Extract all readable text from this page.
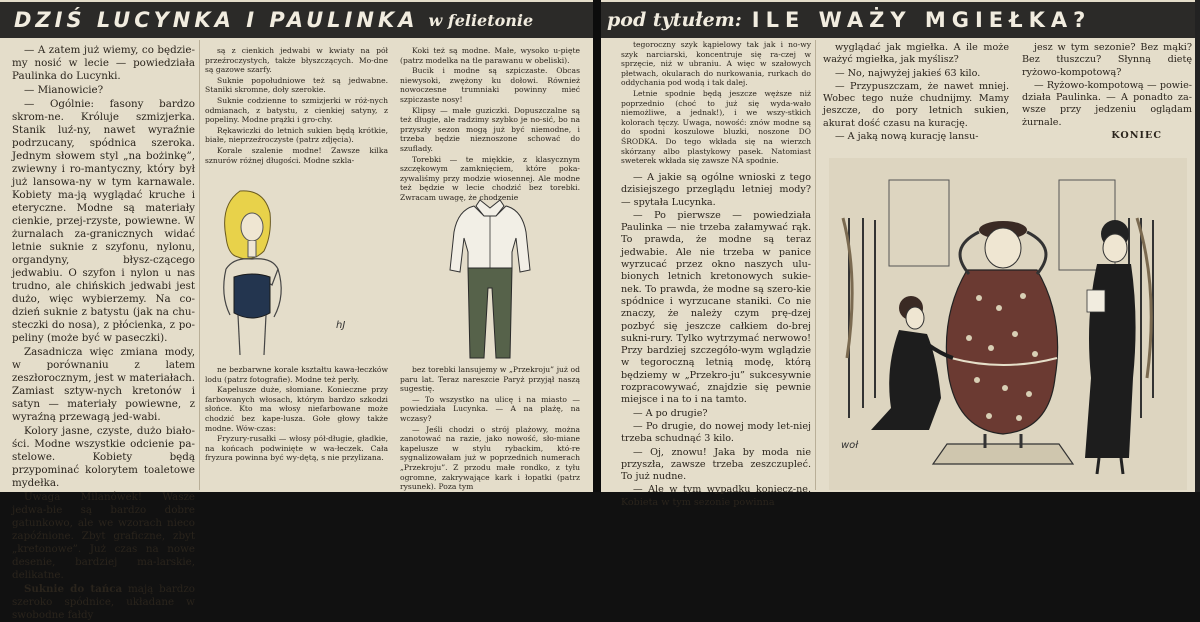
DZIŚ LUCYNKA I PAULINKA w felietonie

— A zatem już wiemy, co będzie-my nosić w lecie — powiedziała Paulinka do Lucynki.

— Mianowicie?

— Ogólnie: fasony bardzo skrom-ne. Króluje szmizjerka. Stanik luź-ny, nawet wyraźnie podrzucany, spódnica szeroka. Jednym słowem styl „na bożinkę”, zwiewny i ro-mantyczny, który był już lansowa-ny w tym karnawale. Kobiety ma-ją wyglądać kruche i eteryczne. Modne są materiały cienkie, przej-rzyste, powiewne. W żurnalach za-granicznych widać letnie suknie z szyfonu, nylonu, organdyny, błysz-czącego jedwabiu. O szyfon i nylon u nas trudno, ale chińskich jedwabi jest dużo, więc wybierzemy. Na co-dzień suknie z batystu (jak na chu-steczki do nosa), z płócienka, z po-peliny (może być w paseczki).

Zasadnicza więc zmiana mody, w porównaniu z latem zeszłorocznym, jest w materiałach. Zamiast sztyw-nych kretonów i satyn — materiały powiewne, z wyraźną przewagą jed-wabi.

Kolory jasne, czyste, dużo biało-ści. Modne wszystkie odcienie pa-stelowe. Kobiety będą przypominać kolorytem toaletowe mydełka.

Uwaga Milanówek! Wasze jedwa-bie są bardzo dobre gatunkowo, ale we wzorach nieco zapóźnione. Zbyt graficzne, zbyt „kretonowe”. Już czas na nowe desenie, bardziej ma-larskie, delikatne.

Suknie do tańca mają bardzo szeroko spódnice, układane w swobodne fałdy

są z cienkich jedwabi w kwiaty na pół przeźroczystych, także błyszczących. Mo-dne są gazowe szarfy.

Suknie popołudniowe też są jedwabne. Staniki skromne, doły szerokie.

Suknie codzienne to szmizjerki w róż-nych odmianach, z batystu, z cienkiej satyny, z popeliny. Modne prążki i gro-chy.

Rękawiczki do letnich sukien będą krótkie, białe, nieprzeźroczyste (patrz zdjęcia).

Korale szalenie modne! Zawsze kilka sznurów różnej długości. Modne szkla-

Koki też są modne. Małe, wysoko u-pięte (patrz modelka na tle parawanu w obeliski).

Bucik i modne są szpiczaste. Obcas niewysoki, zwężony ku dołowi. Również nowoczesne trumniaki powinny mieć szpiczaste nosy!

Klipsy — małe guziczki. Dopuszczalne są też długie, ale radzimy szybko je no-sić, bo na przyszły sezon mogą już być niemodne, i trzeba będzie nieznoszone schować do szuflady.

Torebki — te miękkie, z klasycznym szczękowym zamknięciem, które poka-zywaliśmy przy modzie wiosennej. Ale modne też będzie w lecie chodzić bez torebki. Zwracam uwagę, że chodzenie

hJ

ne bezbarwne korale kształtu kawa-łeczków lodu (patrz fotografie). Modne też perły.

Kapelusze duże, słomiane. Konieczne przy farbowanych włosach, którym bardzo szkodzi słońce. Kto ma włosy niefarbowane może chodzić bez kape-lusza. Gołe głowy także modne. Wów-czas:

Fryzury-rusałki — włosy pół-długie, gładkie, na końcach podwinięte w wa-łeczek. Cała fryzura powinna być wy-dętą, s nie przylizana.

bez torebki lansujemy w „Przekroju” już od paru lat. Teraz nareszcie Paryż przyjął naszą sugestię.

— To wszystko na ulicę i na miasto — powiedziała Lucynka. — A na plażę, na wczasy?

— Jeśli chodzi o strój plażowy, można zanotować na razie, jako nowość, sło-miane kapelusze w stylu rybackim, któ-re sygnalizowałam już w poprzednich numerach „Przekroju”. Z przodu małe rondko, z tyłu ogromne, zakrywające kark i łopatki (patrz rysunek). Poza tym

pod tytułem: ILE WAŻY MGIEŁKA?

tegoroczny szyk kąpielowy tak jak i no-wy szyk narciarski, koncentruje się ra-czej w sprzęcie, niż w ubraniu. A więc w szałowych płetwach, okularach do nurkowania, rurkach do oddychania pod wodą i tak dalej.

Letnie spodnie będą jeszcze węższe niż poprzednio (choć to już się wyda-wało niemożliwe, a jednak!), i we wszy-stkich kolorach tęczy. Uwaga, nowość: znów modne są do spodni koszulowe bluzki, noszone DO ŚRODKA. Do tego wkłada się na wierzch skórzany albo plastykowy pasek. Natomiast sweterek wkłada się zawsze NA spodnie.

— A jakie są ogólne wnioski z tego dzisiejszego przeglądu letniej mody? — spytała Lucynka.

— Po pierwsze — powiedziała Paulinka — nie trzeba załamywać rąk. To prawda, że modne są teraz jedwabie. Ale nie trzeba w panice wyrzucać przez okno naszych ulu-bionych letnich kretonowych sukie-nek. To prawda, że modne są szero-kie spódnice i wyrzucane staniki. Co nie znaczy, że należy czym prę-dzej pozbyć się jeszcze całkiem do-brej sukni-rury. Tylko wytrzymać nerwowo! Przy bardziej szczegóło-wym wglądzie w tegoroczną letnią modę, którą będziemy w „Przekro-ju” sukcesywnie rozpracowywać, znajdzie się pewnie miejsce i na to i na tamto.

— A po drugie?

— Po drugie, do nowej mody let-niej trzeba schudnąć 3 kilo.

— Oj, znowu! Jaka by moda nie przyszła, zawsze trzeba zeszczupleć. To już nudne.

— Ale w tym wypadku koniecz-ne. Kobieta w tym sezonie powinna

wyglądać jak mgiełka. A ile może ważyć mgiełka, jak myślisz?

— No, najwyżej jakieś 63 kilo.

— Przypuszczam, że nawet mniej. Wobec tego nuże chudnijmy. Mamy jeszcze, do pory letnich sukien, akurat dość czasu na kurację.

— A jaką nową kurację lansu-

jesz w tym sezonie? Bez mąki? Bez tłuszczu? Słynną dietę ryżowo-kompotową?

— Ryżowo-kompotową — powie-działa Paulinka. — A ponadto za-wsze przy jedzeniu oglądam żurnale.

KONIEC

woł
